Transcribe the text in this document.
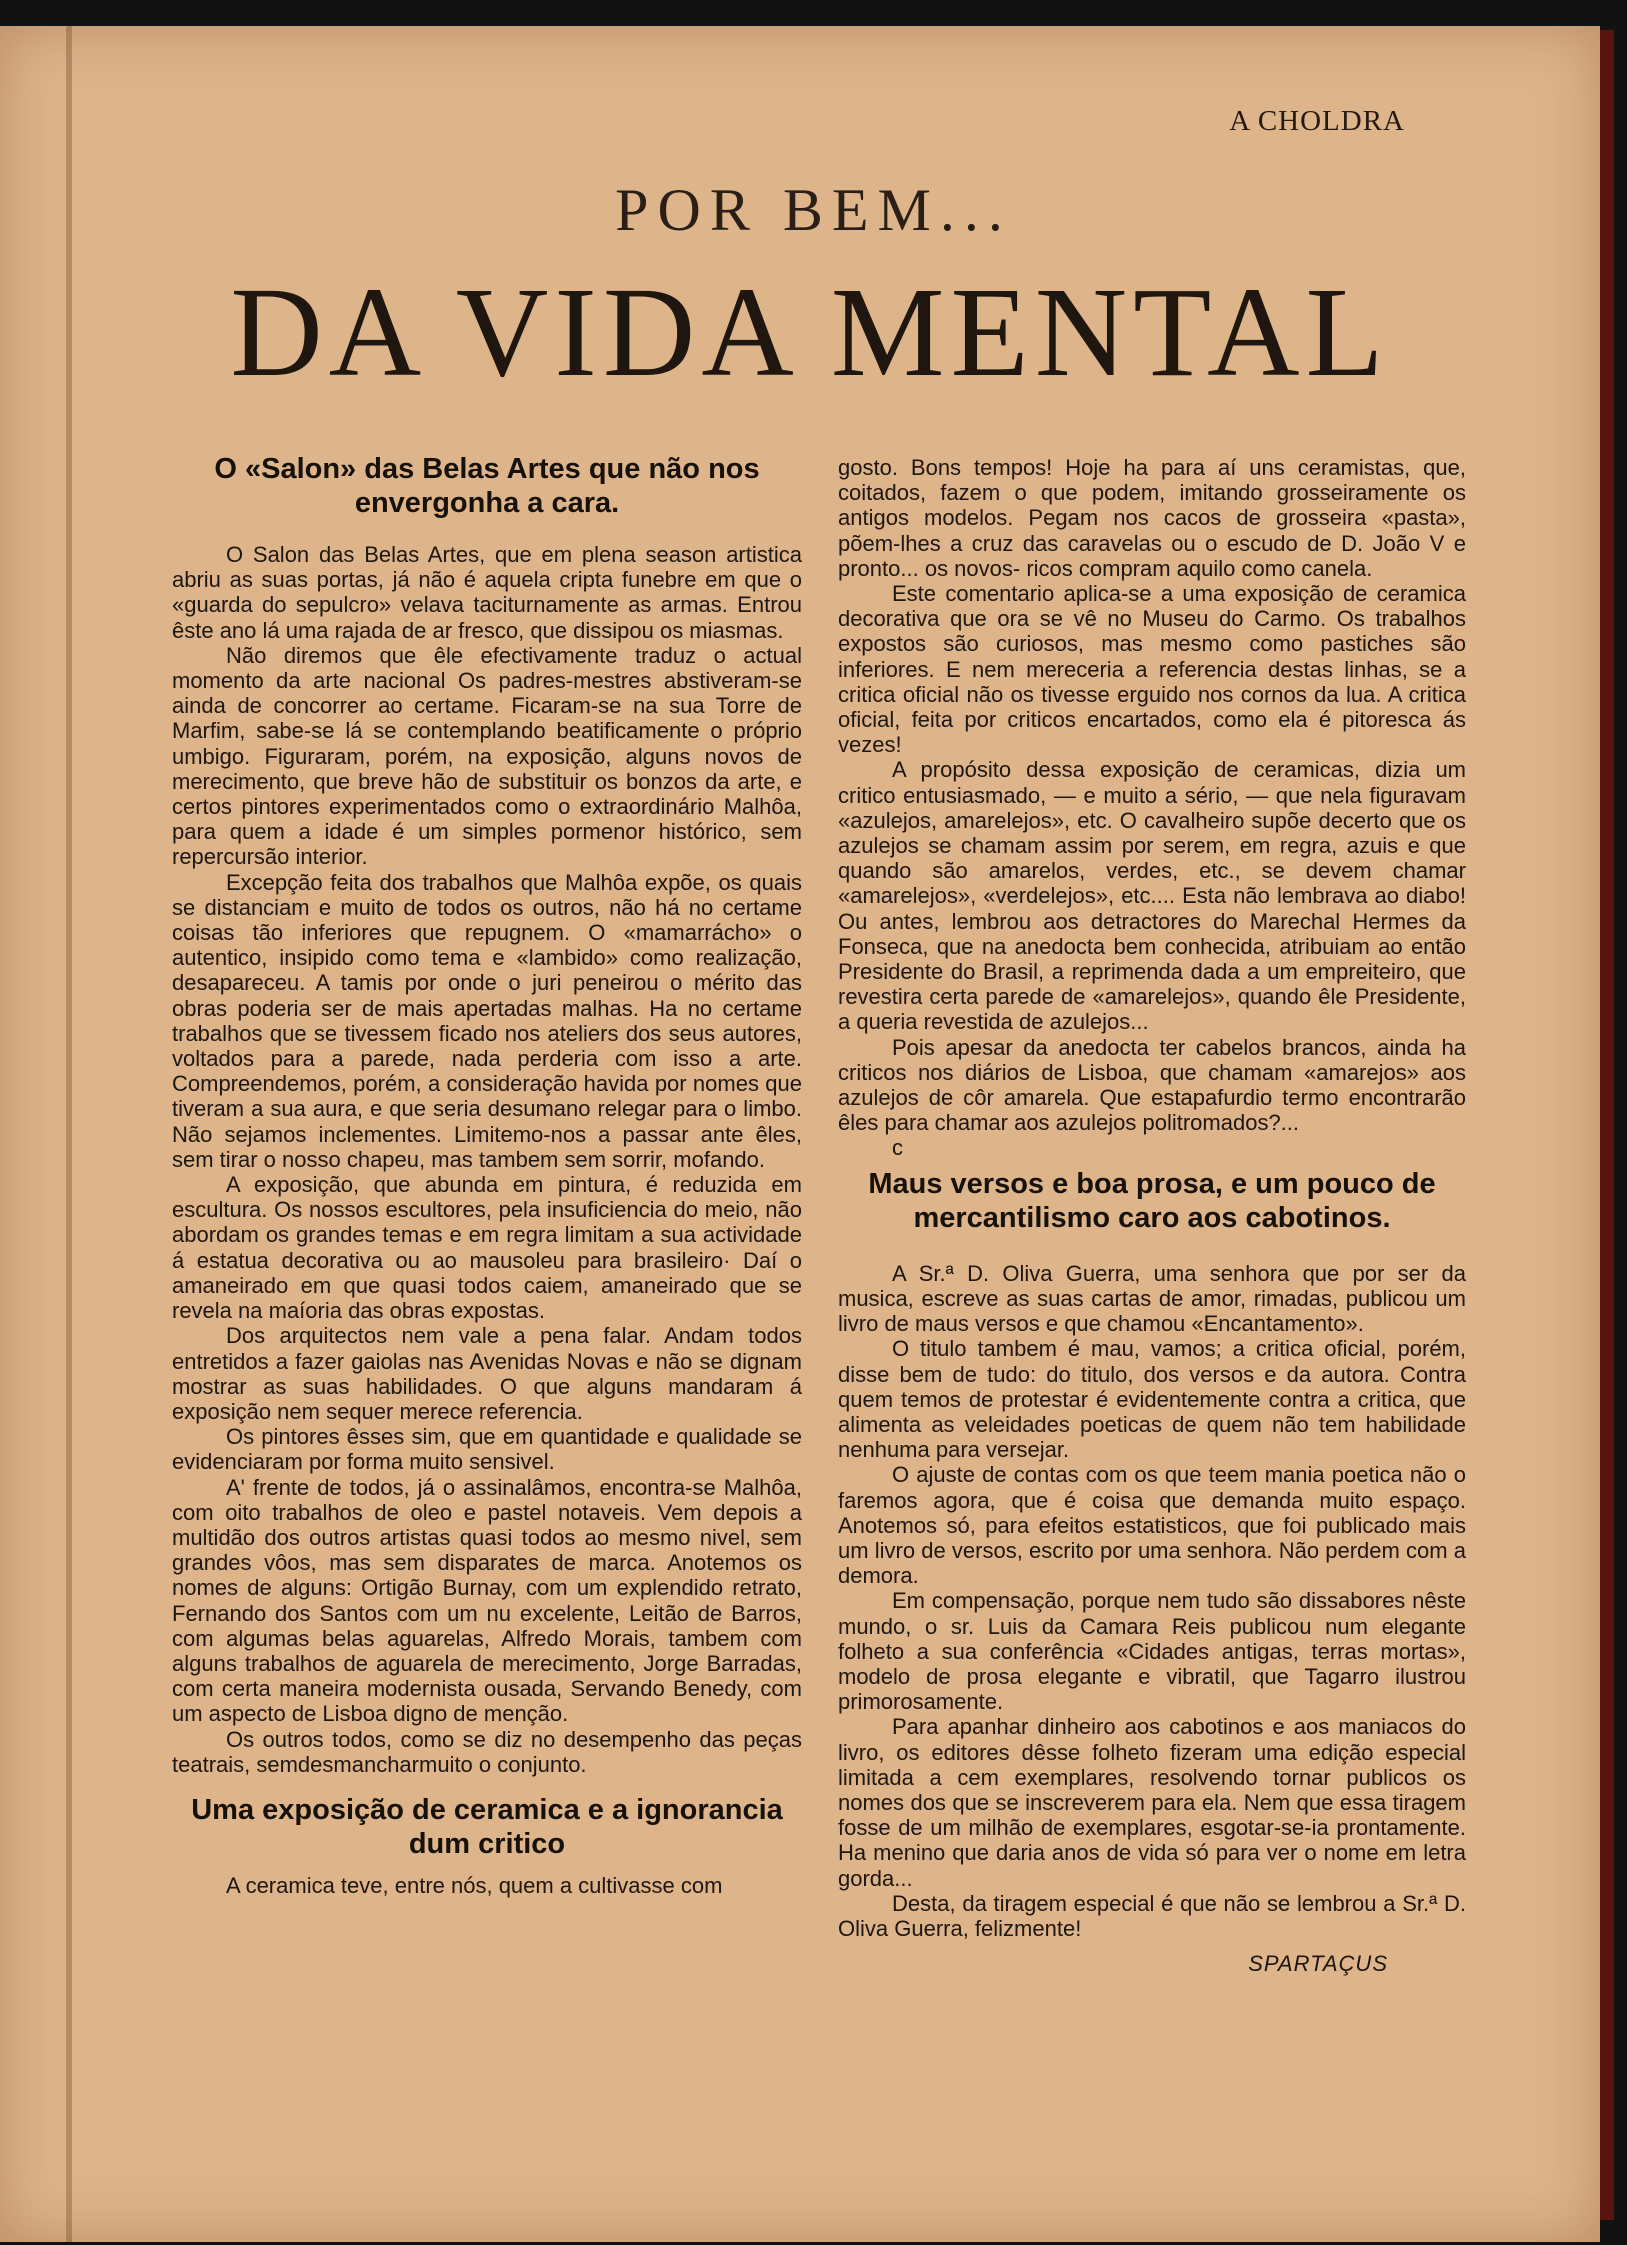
A CHOLDRA
POR BEM...
DA VIDA MENTAL
O «Salon» das Belas Artes que não nos envergonha a cara.

O Salon das Belas Artes, que em plena season artistica abriu as suas portas, já não é aquela cripta funebre em que o «guarda do sepulcro» velava taciturnamente as armas. Entrou êste ano lá uma rajada de ar fresco, que dissipou os miasmas.

Não diremos que êle efectivamente traduz o actual momento da arte nacional Os padres-mestres abstiveram-se ainda de concorrer ao certame. Ficaram-se na sua Torre de Marfim, sabe-se lá se contemplando beatificamente o próprio umbigo. Figuraram, porém, na exposição, alguns novos de merecimento, que breve hão de substituir os bonzos da arte, e certos pintores experimentados como o extraordinário Malhôa, para quem a idade é um simples pormenor histórico, sem repercursão interior.

Excepção feita dos trabalhos que Malhôa expõe, os quais se distanciam e muito de todos os outros, não há no certame coisas tão inferiores que repugnem. O «mamarrácho» o autentico, insipido como tema e «lambido» como realização, desapareceu. A tamis por onde o juri peneirou o mérito das obras poderia ser de mais apertadas malhas. Ha no certame trabalhos que se tivessem ficado nos ateliers dos seus autores, voltados para a parede, nada perderia com isso a arte. Compreendemos, porém, a consideração havida por nomes que tiveram a sua aura, e que seria desumano relegar para o limbo. Não sejamos inclementes. Limitemo-nos a passar ante êles, sem tirar o nosso chapeu, mas tambem sem sorrir, mofando.

A exposição, que abunda em pintura, é reduzida em escultura. Os nossos escultores, pela insuficiencia do meio, não abordam os grandes temas e em regra limitam a sua actividade á estatua decorativa ou ao mausoleu para brasileiro· Daí o amaneirado em que quasi todos caiem, amaneirado que se revela na maíoria das obras expostas.

Dos arquitectos nem vale a pena falar. Andam todos entretidos a fazer gaiolas nas Avenidas Novas e não se dignam mostrar as suas habilidades. O que alguns mandaram á exposição nem sequer merece referencia.

Os pintores êsses sim, que em quantidade e qualidade se evidenciaram por forma muito sensivel.

A' frente de todos, já o assinalâmos, encontra-se Malhôa, com oito trabalhos de oleo e pastel notaveis. Vem depois a multidão dos outros artistas quasi todos ao mesmo nivel, sem grandes vôos, mas sem disparates de marca. Anotemos os nomes de alguns: Ortigão Burnay, com um explendido retrato, Fernando dos Santos com um nu excelente, Leitão de Barros, com algumas belas aguarelas, Alfredo Morais, tambem com alguns trabalhos de aguarela de merecimento, Jorge Barradas, com certa maneira modernista ousada, Servando Benedy, com um aspecto de Lisboa digno de menção.

Os outros todos, como se diz no desempenho das peças teatrais, semdesmancharmuito o conjunto.

Uma exposição de ceramica e a ignorancia dum critico

A ceramica teve, entre nós, quem a cultivasse com

gosto. Bons tempos! Hoje ha para aí uns ceramistas, que, coitados, fazem o que podem, imitando grosseiramente os antigos modelos. Pegam nos cacos de grosseira «pasta», põem-lhes a cruz das caravelas ou o escudo de D. João V e pronto... os novos- ricos compram aquilo como canela.

Este comentario aplica-se a uma exposição de ceramica decorativa que ora se vê no Museu do Carmo. Os trabalhos expostos são curiosos, mas mesmo como pastiches são inferiores. E nem mereceria a referencia destas linhas, se a critica oficial não os tivesse erguido nos cornos da lua. A critica oficial, feita por criticos encartados, como ela é pitoresca ás vezes!

A propósito dessa exposição de ceramicas, dizia um critico entusiasmado, — e muito a sério, — que nela figuravam «azulejos, amarelejos», etc. O cavalheiro supõe decerto que os azulejos se chamam assim por serem, em regra, azuis e que quando são amarelos, verdes, etc., se devem chamar «amarelejos», «verdelejos», etc.... Esta não lembrava ao diabo! Ou antes, lembrou aos detractores do Marechal Hermes da Fonseca, que na anedocta bem conhecida, atribuiam ao então Presidente do Brasil, a reprimenda dada a um empreiteiro, que revestira certa parede de «amarelejos», quando êle Presidente, a queria revestida de azulejos...

Pois apesar da anedocta ter cabelos brancos, ainda ha criticos nos diários de Lisboa, que chamam «amarejos» aos azulejos de côr amarela. Que estapafurdio termo encontrarão êles para chamar aos azulejos politromados?...

c

Maus versos e boa prosa, e um pouco de mercantilismo caro aos cabotinos.

A Sr.ª D. Oliva Guerra, uma senhora que por ser da musica, escreve as suas cartas de amor, rimadas, publicou um livro de maus versos e que chamou «Encantamento».

O titulo tambem é mau, vamos; a critica oficial, porém, disse bem de tudo: do titulo, dos versos e da autora. Contra quem temos de protestar é evidentemente contra a critica, que alimenta as veleidades poeticas de quem não tem habilidade nenhuma para versejar.

O ajuste de contas com os que teem mania poetica não o faremos agora, que é coisa que demanda muito espaço. Anotemos só, para efeitos estatisticos, que foi publicado mais um livro de versos, escrito por uma senhora. Não perdem com a demora.

Em compensação, porque nem tudo são dissabores nêste mundo, o sr. Luis da Camara Reis publicou num elegante folheto a sua conferência «Cidades antigas, terras mortas», modelo de prosa elegante e vibratil, que Tagarro ilustrou primorosamente.

Para apanhar dinheiro aos cabotinos e aos maniacos do livro, os editores dêsse folheto fizeram uma edição especial limitada a cem exemplares, resolvendo tornar publicos os nomes dos que se inscreverem para ela. Nem que essa tiragem fosse de um milhão de exemplares, esgotar-se-ia prontamente. Ha menino que daria anos de vida só para ver o nome em letra gorda...

Desta, da tiragem especial é que não se lembrou a Sr.ª D. Oliva Guerra, felizmente!

SPARTAÇUS
